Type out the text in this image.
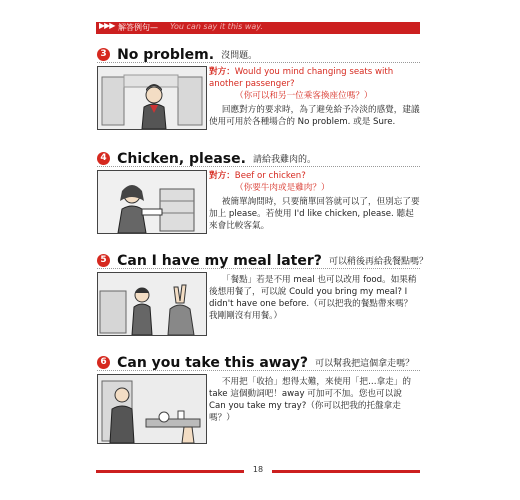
▶▶▶ 解答例句— You can say it this way.
3 No problem. 沒問題。
對方：Would you mind changing seats with another passenger?
（你可以和另一位乘客換座位嗎？）
回應對方的要求時，為了避免給予冷淡的感覺，建議使用可用於各種場合的 No problem. 或是 Sure.
4 Chicken, please. 請給我雞肉的。
對方：Beef or chicken?
（你要牛肉或是雞肉？）
被簡單詢問時，只要簡單回答就可以了，但別忘了要加上 please。若使用 I'd like chicken, please. 聽起來會比較客氣。
5 Can I have my meal later? 可以稍後再給我餐點嗎？
「餐點」若是不用 meal 也可以改用 food。如果稍後想用餐了，可以說 Could you bring my meal? I didn't have one before.（可以把我的餐點帶來嗎？我剛剛沒有用餐。）
6 Can you take this away? 可以幫我把這個拿走嗎？
不用把「收拾」想得太難，來使用「把…拿走」的 take 這個動詞吧！away 可加可不加。您也可以說 Can you take my tray?（你可以把我的托盤拿走嗎？）
18
